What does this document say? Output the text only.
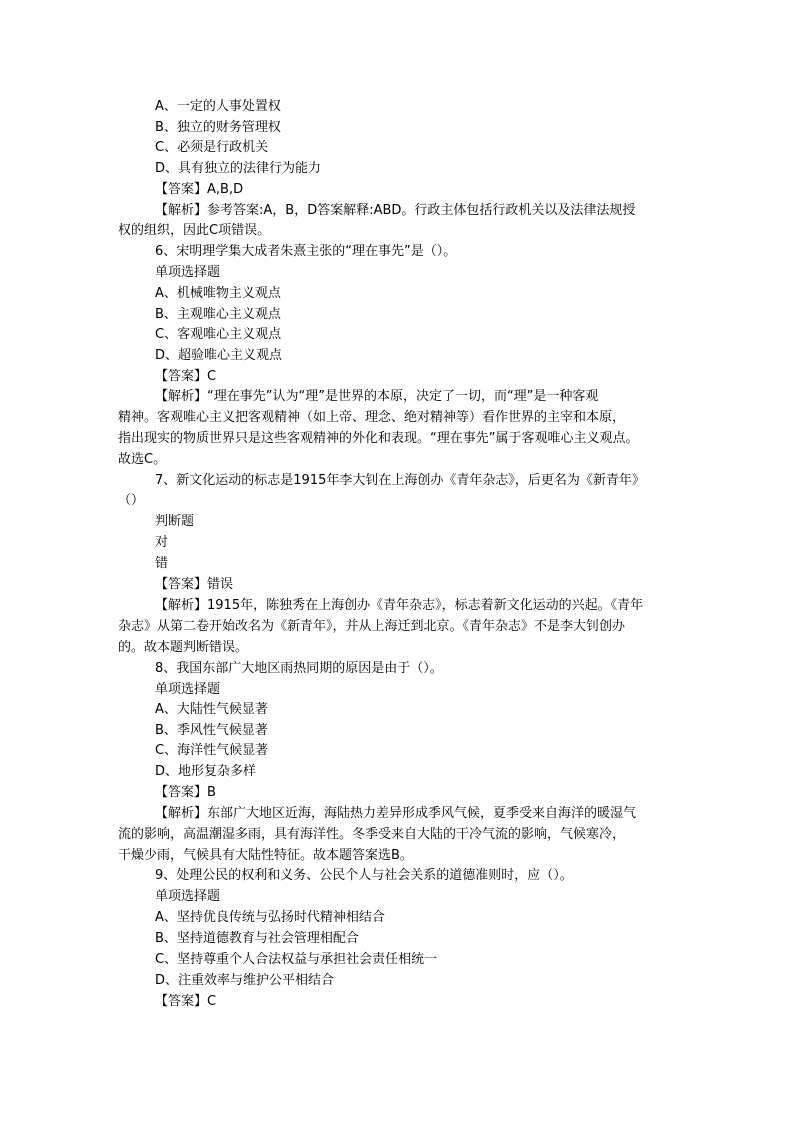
A、一定的人事处置权
B、独立的财务管理权
C、必须是行政机关
D、具有独立的法律行为能力
【答案】A,B,D
【解析】参考答案:A，B，D答案解释:ABD。行政主体包括行政机关以及法律法规授
权的组织，因此C项错误。
6、宋明理学集大成者朱熹主张的“理在事先”是（）。
单项选择题
A、机械唯物主义观点
B、主观唯心主义观点
C、客观唯心主义观点
D、超验唯心主义观点
【答案】C
【解析】“理在事先”认为“理”是世界的本原，决定了一切，而“理”是一种客观
精神。客观唯心主义把客观精神（如上帝、理念、绝对精神等）看作世界的主宰和本原，
指出现实的物质世界只是这些客观精神的外化和表现。“理在事先”属于客观唯心主义观点。
故选C。
7、新文化运动的标志是1915年李大钊在上海创办《青年杂志》，后更名为《新青年》
（）
判断题
对
错
【答案】错误
【解析】1915年，陈独秀在上海创办《青年杂志》，标志着新文化运动的兴起。《青年
杂志》从第二卷开始改名为《新青年》，并从上海迁到北京。《青年杂志》不是李大钊创办
的。故本题判断错误。
8、我国东部广大地区雨热同期的原因是由于（）。
单项选择题
A、大陆性气候显著
B、季风性气候显著
C、海洋性气候显著
D、地形复杂多样
【答案】B
【解析】东部广大地区近海，海陆热力差异形成季风气候，夏季受来自海洋的暖湿气
流的影响，高温潮湿多雨，具有海洋性。冬季受来自大陆的干冷气流的影响，气候寒冷，
干燥少雨，气候具有大陆性特征。故本题答案选B。
9、处理公民的权利和义务、公民个人与社会关系的道德准则时，应（）。
单项选择题
A、坚持优良传统与弘扬时代精神相结合
B、坚持道德教育与社会管理相配合
C、坚持尊重个人合法权益与承担社会责任相统一
D、注重效率与维护公平相结合
【答案】C
